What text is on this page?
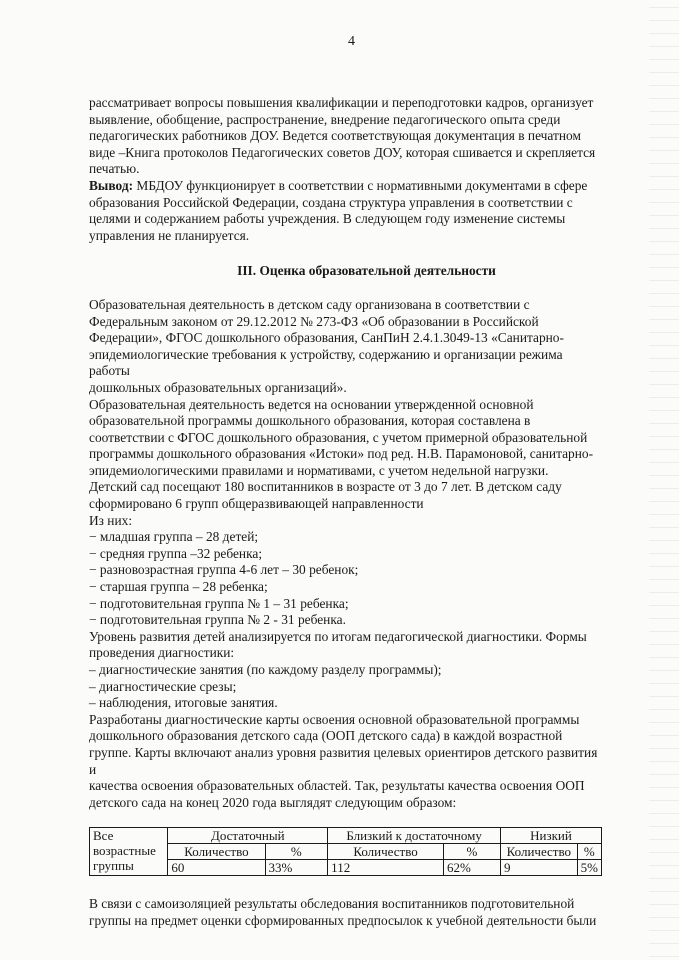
4

рассматривает вопросы повышения квалификации и переподготовки кадров, организует

выявление, обобщение, распространение, внедрение педагогического опыта среди

педагогических работников ДОУ. Ведется соответствующая документация в печатном

виде –Книга протоколов Педагогических советов ДОУ, которая сшивается и скрепляется

печатью.

Вывод: МБДОУ функционирует в соответствии с нормативными документами в сфере

образования Российской Федерации, создана структура управления в соответствии с

целями и содержанием работы учреждения. В следующем году изменение системы

управления не планируется.

III. Оценка образовательной деятельности

Образовательная деятельность в детском саду организована в соответствии с

Федеральным законом от 29.12.2012 № 273-ФЗ «Об образовании в Российской

Федерации», ФГОС дошкольного образования, СанПиН 2.4.1.3049-13 «Санитарно-

эпидемиологические требования к устройству, содержанию и организации режима работы

дошкольных образовательных организаций».

Образовательная деятельность ведется на основании утвержденной основной

образовательной программы дошкольного образования, которая составлена в

соответствии с ФГОС дошкольного образования, с учетом примерной образовательной

программы дошкольного образования «Истоки» под ред. Н.В. Парамоновой, санитарно-

эпидемиологическими правилами и нормативами, с учетом недельной нагрузки.

Детский сад посещают 180 воспитанников в возрасте от 3 до 7 лет. В детском саду

сформировано 6 групп общеразвивающей направленности

Из них:

− младшая группа – 28 детей;

− средняя группа –32 ребенка;

− разновозрастная группа 4-6 лет – 30 ребенок;

− старшая группа – 28 ребенка;

− подготовительная группа № 1 – 31 ребенка;

− подготовительная группа № 2 - 31 ребенка.

Уровень развития детей анализируется по итогам педагогической диагностики. Формы

проведения диагностики:

– диагностические занятия (по каждому разделу программы);

– диагностические срезы;

– наблюдения, итоговые занятия.

Разработаны диагностические карты освоения основной образовательной программы

дошкольного образования детского сада (ООП детского сада) в каждой возрастной

группе. Карты включают анализ уровня развития целевых ориентиров детского развития и

качества освоения образовательных областей. Так, результаты качества освоения ООП

детского сада на конец 2020 года выглядят следующим образом:

Все
возрастные
группы	Достаточный		Близкий к достаточному		Низкий	
	Количество	%	Количество	%	Количество	%
	60	33%	112	62%	9	5%

В связи с самоизоляцией результаты обследования воспитанников подготовительной

группы на предмет оценки сформированных предпосылок к учебной деятельности были
